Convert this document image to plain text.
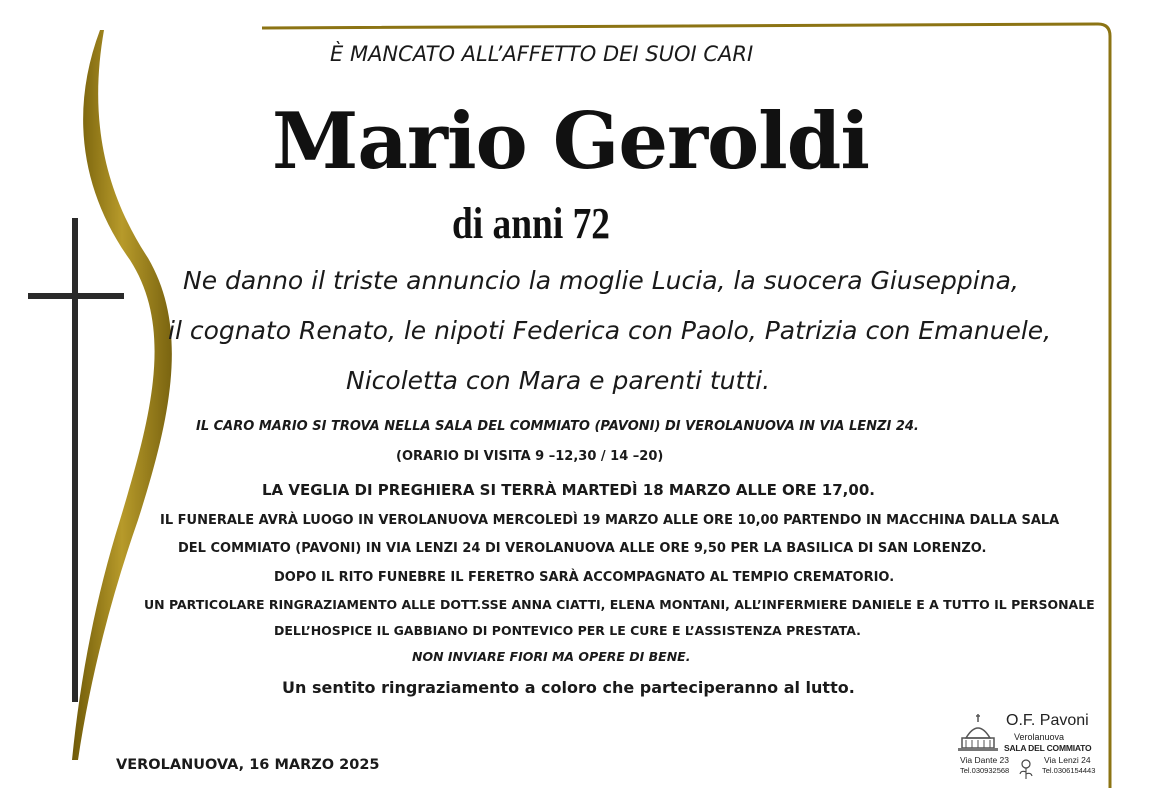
È MANCATO ALL’AFFETTO DEI SUOI CARI
Mario Geroldi
di anni 72
Ne danno il triste annuncio la moglie Lucia, la suocera Giuseppina,
il cognato Renato, le nipoti Federica con Paolo, Patrizia con Emanuele,
Nicoletta con Mara e parenti tutti.
IL CARO MARIO SI TROVA NELLA SALA DEL COMMIATO (PAVONI) DI VEROLANUOVA IN VIA LENZI 24.
(ORARIO DI VISITA 9 –12,30 / 14 –20)
LA VEGLIA DI PREGHIERA SI TERRÀ MARTEDÌ 18 MARZO ALLE ORE 17,00.
IL FUNERALE AVRÀ LUOGO IN VEROLANUOVA MERCOLEDÌ 19 MARZO ALLE ORE 10,00 PARTENDO IN MACCHINA DALLA SALA
DEL COMMIATO (PAVONI) IN VIA LENZI 24 DI VEROLANUOVA ALLE ORE 9,50 PER LA BASILICA DI SAN LORENZO.
DOPO IL RITO FUNEBRE IL FERETRO SARÀ ACCOMPAGNATO AL TEMPIO CREMATORIO.
UN PARTICOLARE RINGRAZIAMENTO ALLE DOTT.SSE ANNA CIATTI, ELENA MONTANI, ALL’INFERMIERE DANIELE E A TUTTO IL PERSONALE
DELL’HOSPICE IL GABBIANO DI PONTEVICO PER LE CURE E L’ASSISTENZA PRESTATA.
NON INVIARE FIORI MA OPERE DI BENE.
Un sentito ringraziamento a coloro che parteciperanno al lutto.
VEROLANUOVA, 16 MARZO 2025
O.F. Pavoni
Verolanuova
SALA DEL COMMIATO
Via Dante 23
Tel.030932568
Via Lenzi 24
Tel.0306154443
